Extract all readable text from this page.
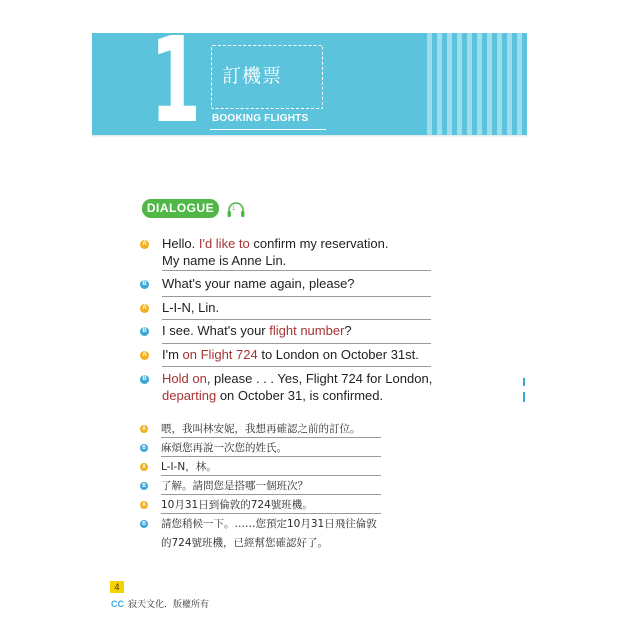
1 訂機票
BOOKING FLIGHTS
DIALOGUE	1
A Hello. I'd like to confirm my reservation.
My name is Anne Lin.
B What's your name again, please?
A L-I-N, Lin.
B I see. What's your flight number?
A I'm on Flight 724 to London on October 31st.
B Hold on, please . . . Yes, Flight 724 for London,
departing on October 31, is confirmed.
A 喂，我叫林安妮，我想再確認之前的訂位。
B 麻煩您再說一次您的姓氏。
A L-I-N，林。
B 了解。請問您是搭哪一個班次？
A 10月31日到倫敦的724號班機。
B 請您稍候一下。……您預定10月31日飛往倫敦
的724號班機，已經幫您確認好了。
4
CC 寂天文化．版權所有
